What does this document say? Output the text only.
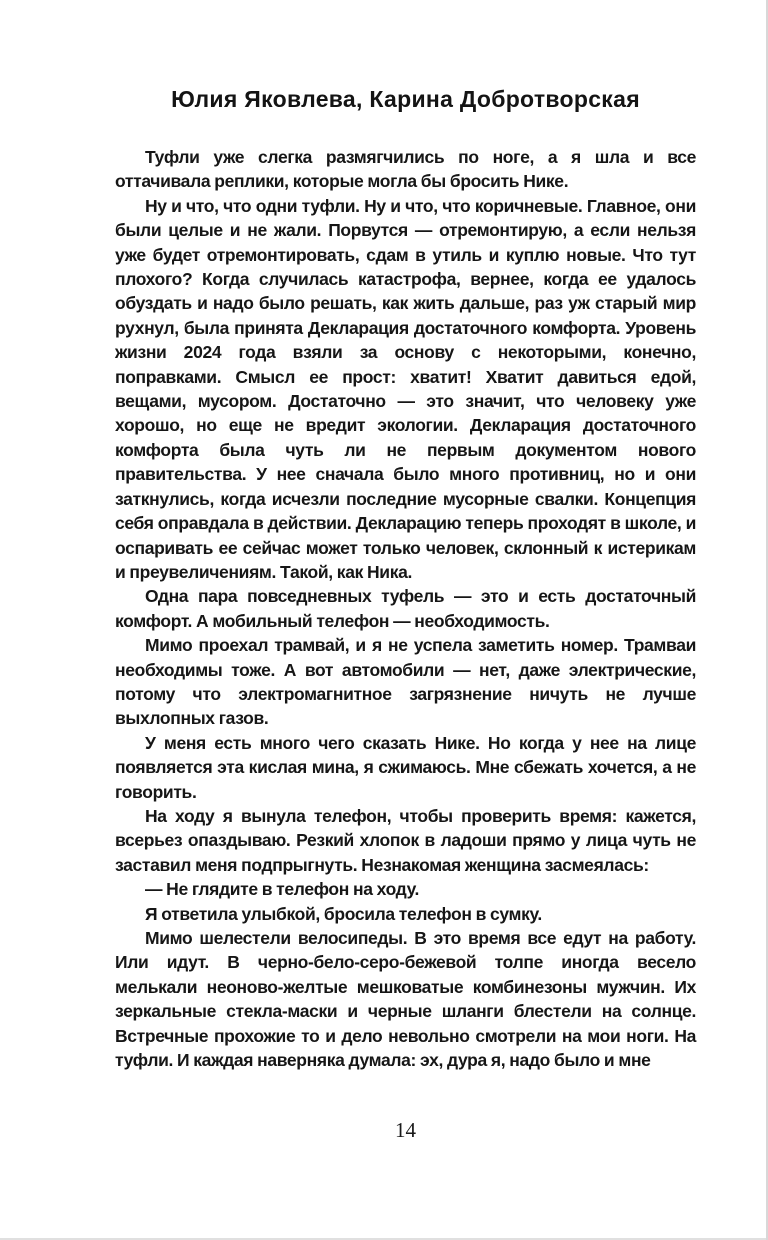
Юлия Яковлева, Карина Добротворская

Туфли уже слегка размягчились по ноге, а я шла и все оттачивала реплики, которые могла бы бросить Нике.

Ну и что, что одни туфли. Ну и что, что коричневые. Главное, они были целые и не жали. Порвутся — отремонтирую, а если нельзя уже будет отремонтировать, сдам в утиль и куплю новые. Что тут плохого? Когда случилась катастрофа, вернее, когда ее удалось обуздать и надо было решать, как жить дальше, раз уж старый мир рухнул, была принята Декларация достаточного комфорта. Уровень жизни 2024 года взяли за основу с некоторыми, конечно, поправками. Смысл ее прост: хватит! Хватит давиться едой, вещами, мусором. Достаточно — это значит, что человеку уже хорошо, но еще не вредит экологии. Декларация достаточного комфорта была чуть ли не первым документом нового правительства. У нее сначала было много противниц, но и они заткнулись, когда исчезли последние мусорные свалки. Концепция себя оправдала в действии. Декларацию теперь проходят в школе, и оспаривать ее сейчас может только человек, склонный к истерикам и преувеличениям. Такой, как Ника.

Одна пара повседневных туфель — это и есть достаточный комфорт. А мобильный телефон — необходимость.

Мимо проехал трамвай, и я не успела заметить номер. Трамваи необходимы тоже. А вот автомобили — нет, даже электрические, потому что электромагнитное загрязнение ничуть не лучше выхлопных газов.

У меня есть много чего сказать Нике. Но когда у нее на лице появляется эта кислая мина, я сжимаюсь. Мне сбежать хочется, а не говорить.

На ходу я вынула телефон, чтобы проверить время: кажется, всерьез опаздываю. Резкий хлопок в ладоши прямо у лица чуть не заставил меня подпрыгнуть. Незнакомая женщина засмеялась:

— Не глядите в телефон на ходу.

Я ответила улыбкой, бросила телефон в сумку.

Мимо шелестели велосипеды. В это время все едут на работу. Или идут. В черно-бело-серо-бежевой толпе иногда весело мелькали неоново-желтые мешковатые комбинезоны мужчин. Их зеркальные стекла-маски и черные шланги блестели на солнце. Встречные прохожие то и дело невольно смотрели на мои ноги. На туфли. И каждая наверняка думала: эх, дура я, надо было и мне

14
